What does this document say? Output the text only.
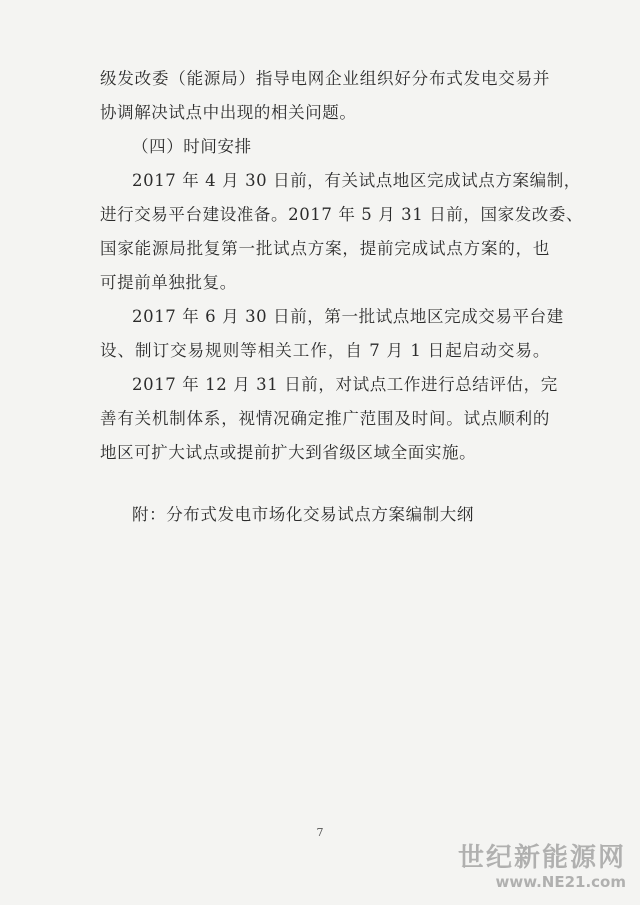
级发改委（能源局）指导电网企业组织好分布式发电交易并
协调解决试点中出现的相关问题。
（四）时间安排
2017 年 4 月 30 日前，有关试点地区完成试点方案编制，
进行交易平台建设准备。2017 年 5 月 31 日前，国家发改委、
国家能源局批复第一批试点方案，提前完成试点方案的，也
可提前单独批复。
2017 年 6 月 30 日前，第一批试点地区完成交易平台建
设、制订交易规则等相关工作，自 7 月 1 日起启动交易。
2017 年 12 月 31 日前，对试点工作进行总结评估，完
善有关机制体系，视情况确定推广范围及时间。试点顺利的
地区可扩大试点或提前扩大到省级区域全面实施。
附：分布式发电市场化交易试点方案编制大纲
7
世纪新能源网
www.NE21.com
